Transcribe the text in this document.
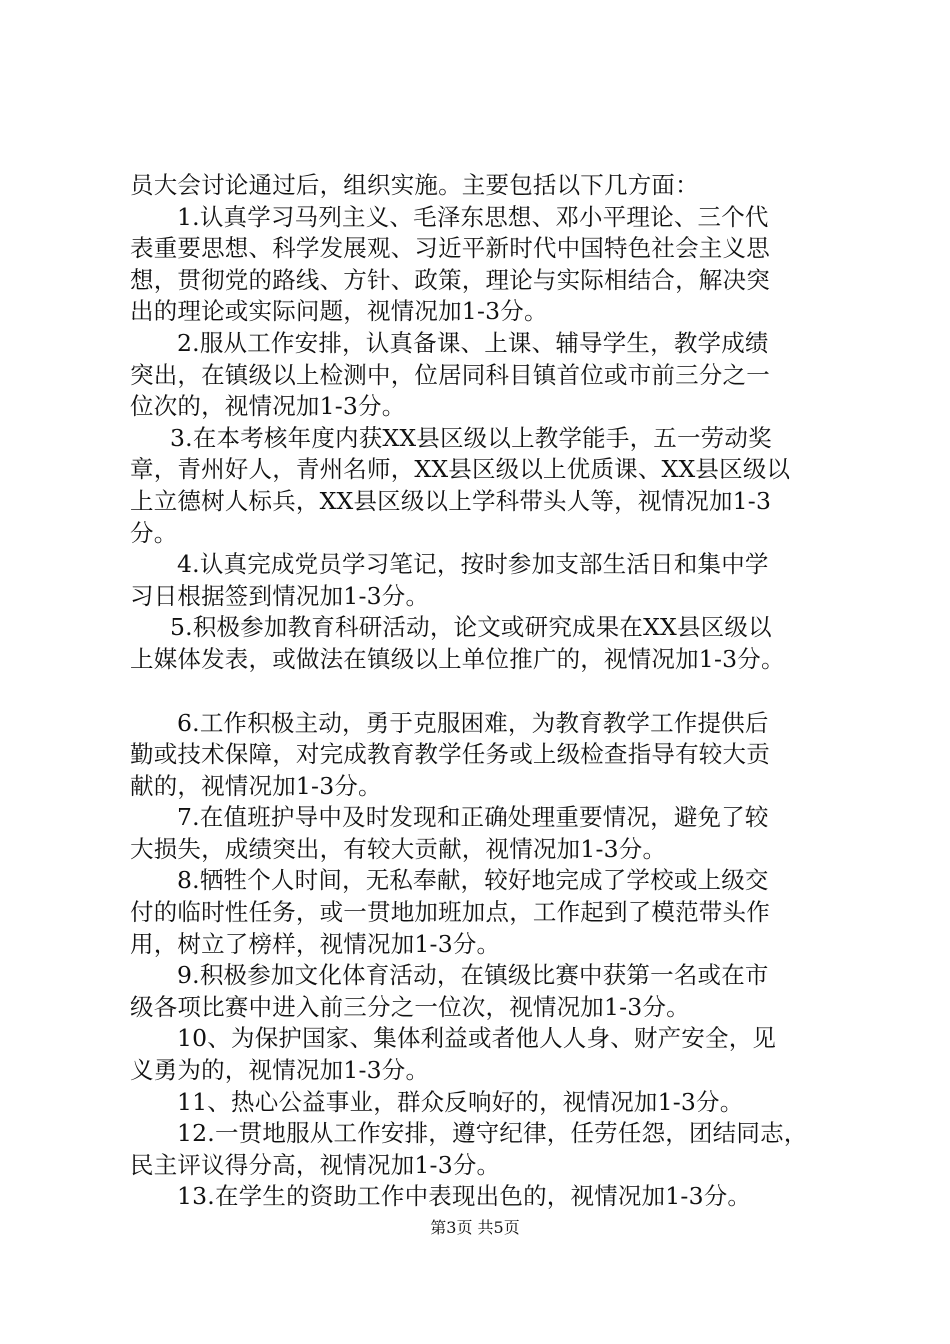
员大会讨论通过后，组织实施。主要包括以下几方面：
1.认真学习马列主义、毛泽东思想、邓小平理论、三个代
表重要思想、科学发展观、习近平新时代中国特色社会主义思
想，贯彻党的路线、方针、政策，理论与实际相结合，解决突
出的理论或实际问题，视情况加1-3分。
2.服从工作安排，认真备课、上课、辅导学生，教学成绩
突出，在镇级以上检测中，位居同科目镇首位或市前三分之一
位次的，视情况加1-3分。
3.在本考核年度内获XX县区级以上教学能手，五一劳动奖
章，青州好人，青州名师，XX县区级以上优质课、XX县区级以
上立德树人标兵，XX县区级以上学科带头人等，视情况加1-3
分。
4.认真完成党员学习笔记，按时参加支部生活日和集中学
习日根据签到情况加1-3分。
5.积极参加教育科研活动，论文或研究成果在XX县区级以
上媒体发表，或做法在镇级以上单位推广的，视情况加1-3分。
6.工作积极主动，勇于克服困难，为教育教学工作提供后
勤或技术保障，对完成教育教学任务或上级检查指导有较大贡
献的，视情况加1-3分。
7.在值班护导中及时发现和正确处理重要情况，避免了较
大损失，成绩突出，有较大贡献，视情况加1-3分。
8.牺牲个人时间，无私奉献，较好地完成了学校或上级交
付的临时性任务，或一贯地加班加点，工作起到了模范带头作
用，树立了榜样，视情况加1-3分。
9.积极参加文化体育活动，在镇级比赛中获第一名或在市
级各项比赛中进入前三分之一位次，视情况加1-3分。
10、为保护国家、集体利益或者他人人身、财产安全，见
义勇为的，视情况加1-3分。
11、热心公益事业，群众反响好的，视情况加1-3分。
12.一贯地服从工作安排，遵守纪律，任劳任怨，团结同志，
民主评议得分高，视情况加1-3分。
13.在学生的资助工作中表现出色的，视情况加1-3分。
第3页 共5页
